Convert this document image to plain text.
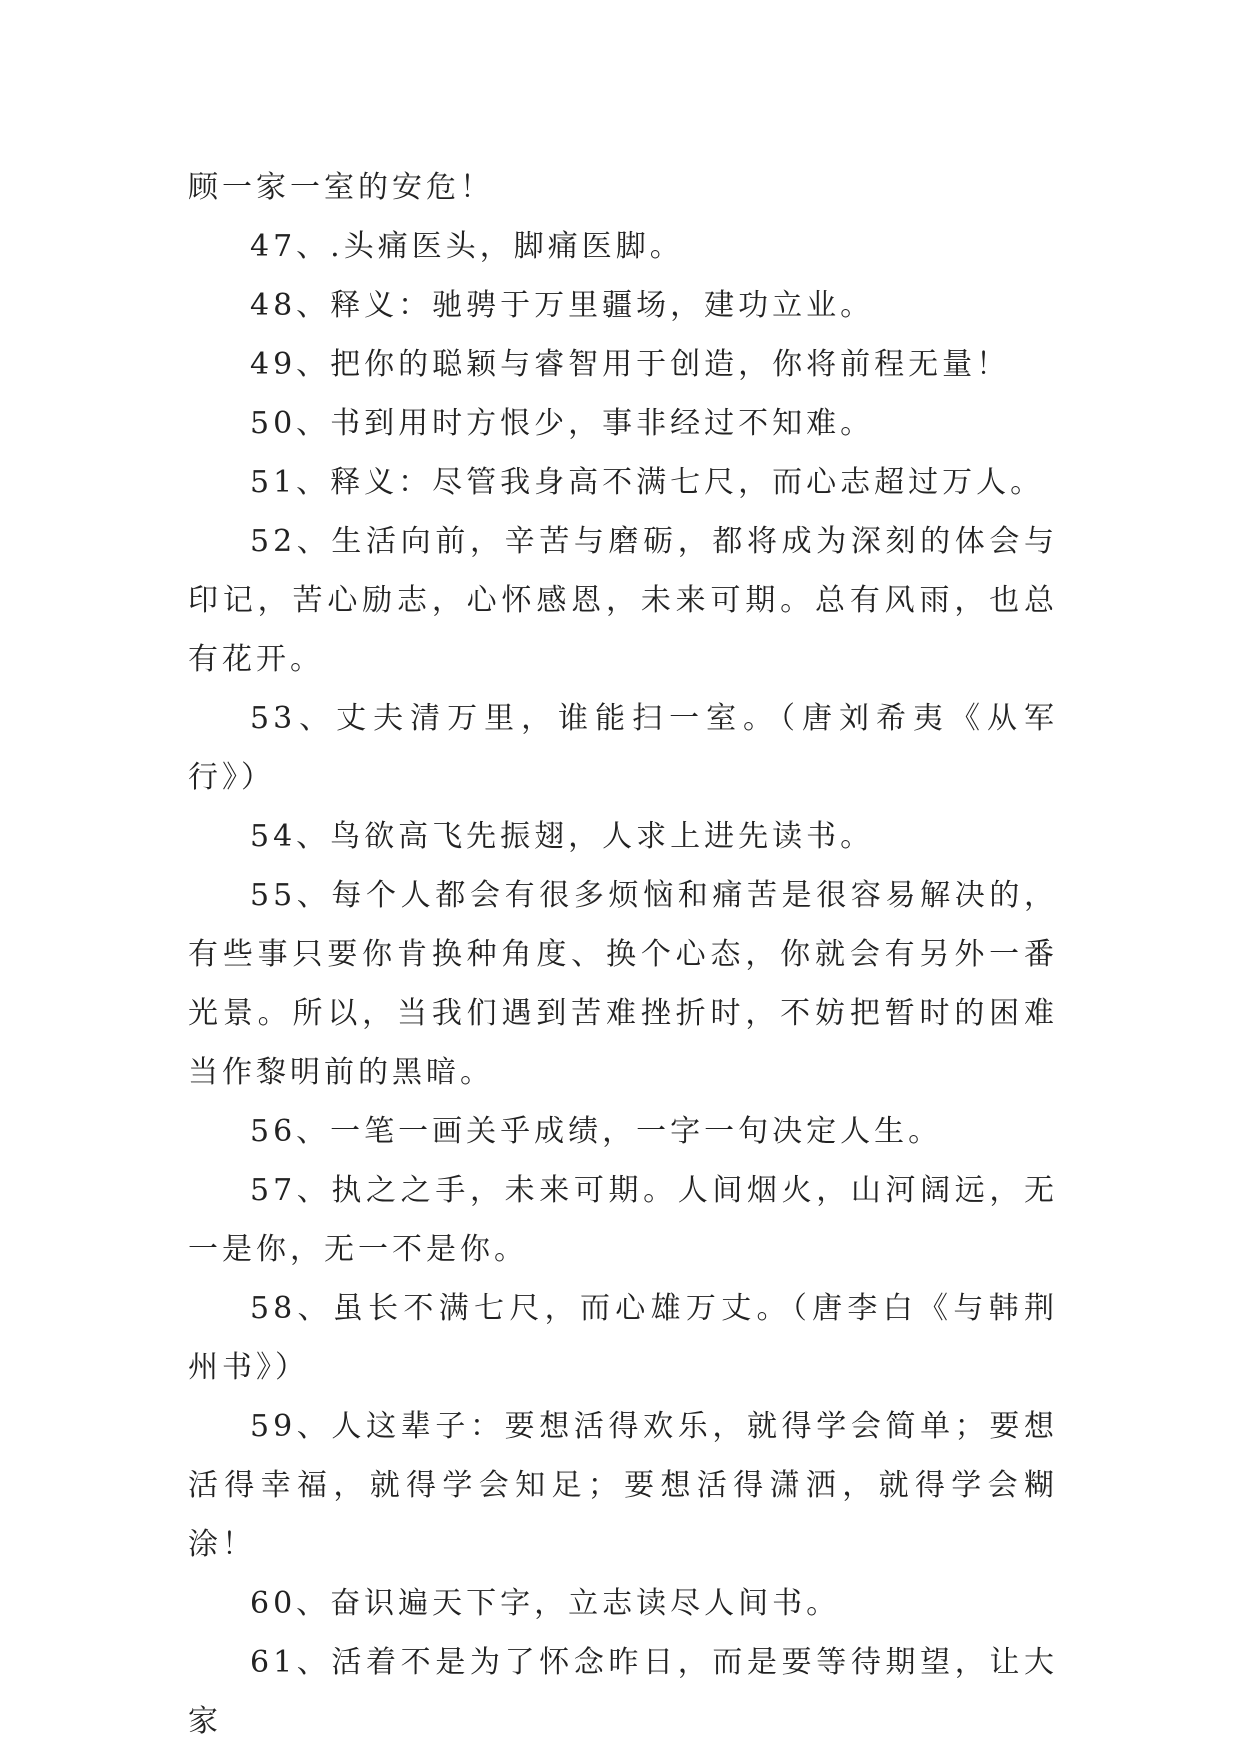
顾一家一室的安危！

47、.头痛医头，脚痛医脚。

48、释义：驰骋于万里疆场，建功立业。

49、把你的聪颖与睿智用于创造，你将前程无量！

50、书到用时方恨少，事非经过不知难。

51、释义：尽管我身高不满七尺，而心志超过万人。

52、生活向前，辛苦与磨砺，都将成为深刻的体会与印记，苦心励志，心怀感恩，未来可期。总有风雨，也总有花开。

53、丈夫清万里，谁能扫一室。（唐刘希夷《从军行》）

54、鸟欲高飞先振翅，人求上进先读书。

55、每个人都会有很多烦恼和痛苦是很容易解决的，有些事只要你肯换种角度、换个心态，你就会有另外一番光景。所以，当我们遇到苦难挫折时，不妨把暂时的困难当作黎明前的黑暗。

56、一笔一画关乎成绩，一字一句决定人生。

57、执之之手，未来可期。人间烟火，山河阔远，无一是你，无一不是你。

58、虽长不满七尺，而心雄万丈。（唐李白《与韩荆州书》）

59、人这辈子：要想活得欢乐，就得学会简单；要想活得幸福，就得学会知足；要想活得潇洒，就得学会糊涂！

60、奋识遍天下字，立志读尽人间书。

61、活着不是为了怀念昨日，而是要等待期望，让大家
